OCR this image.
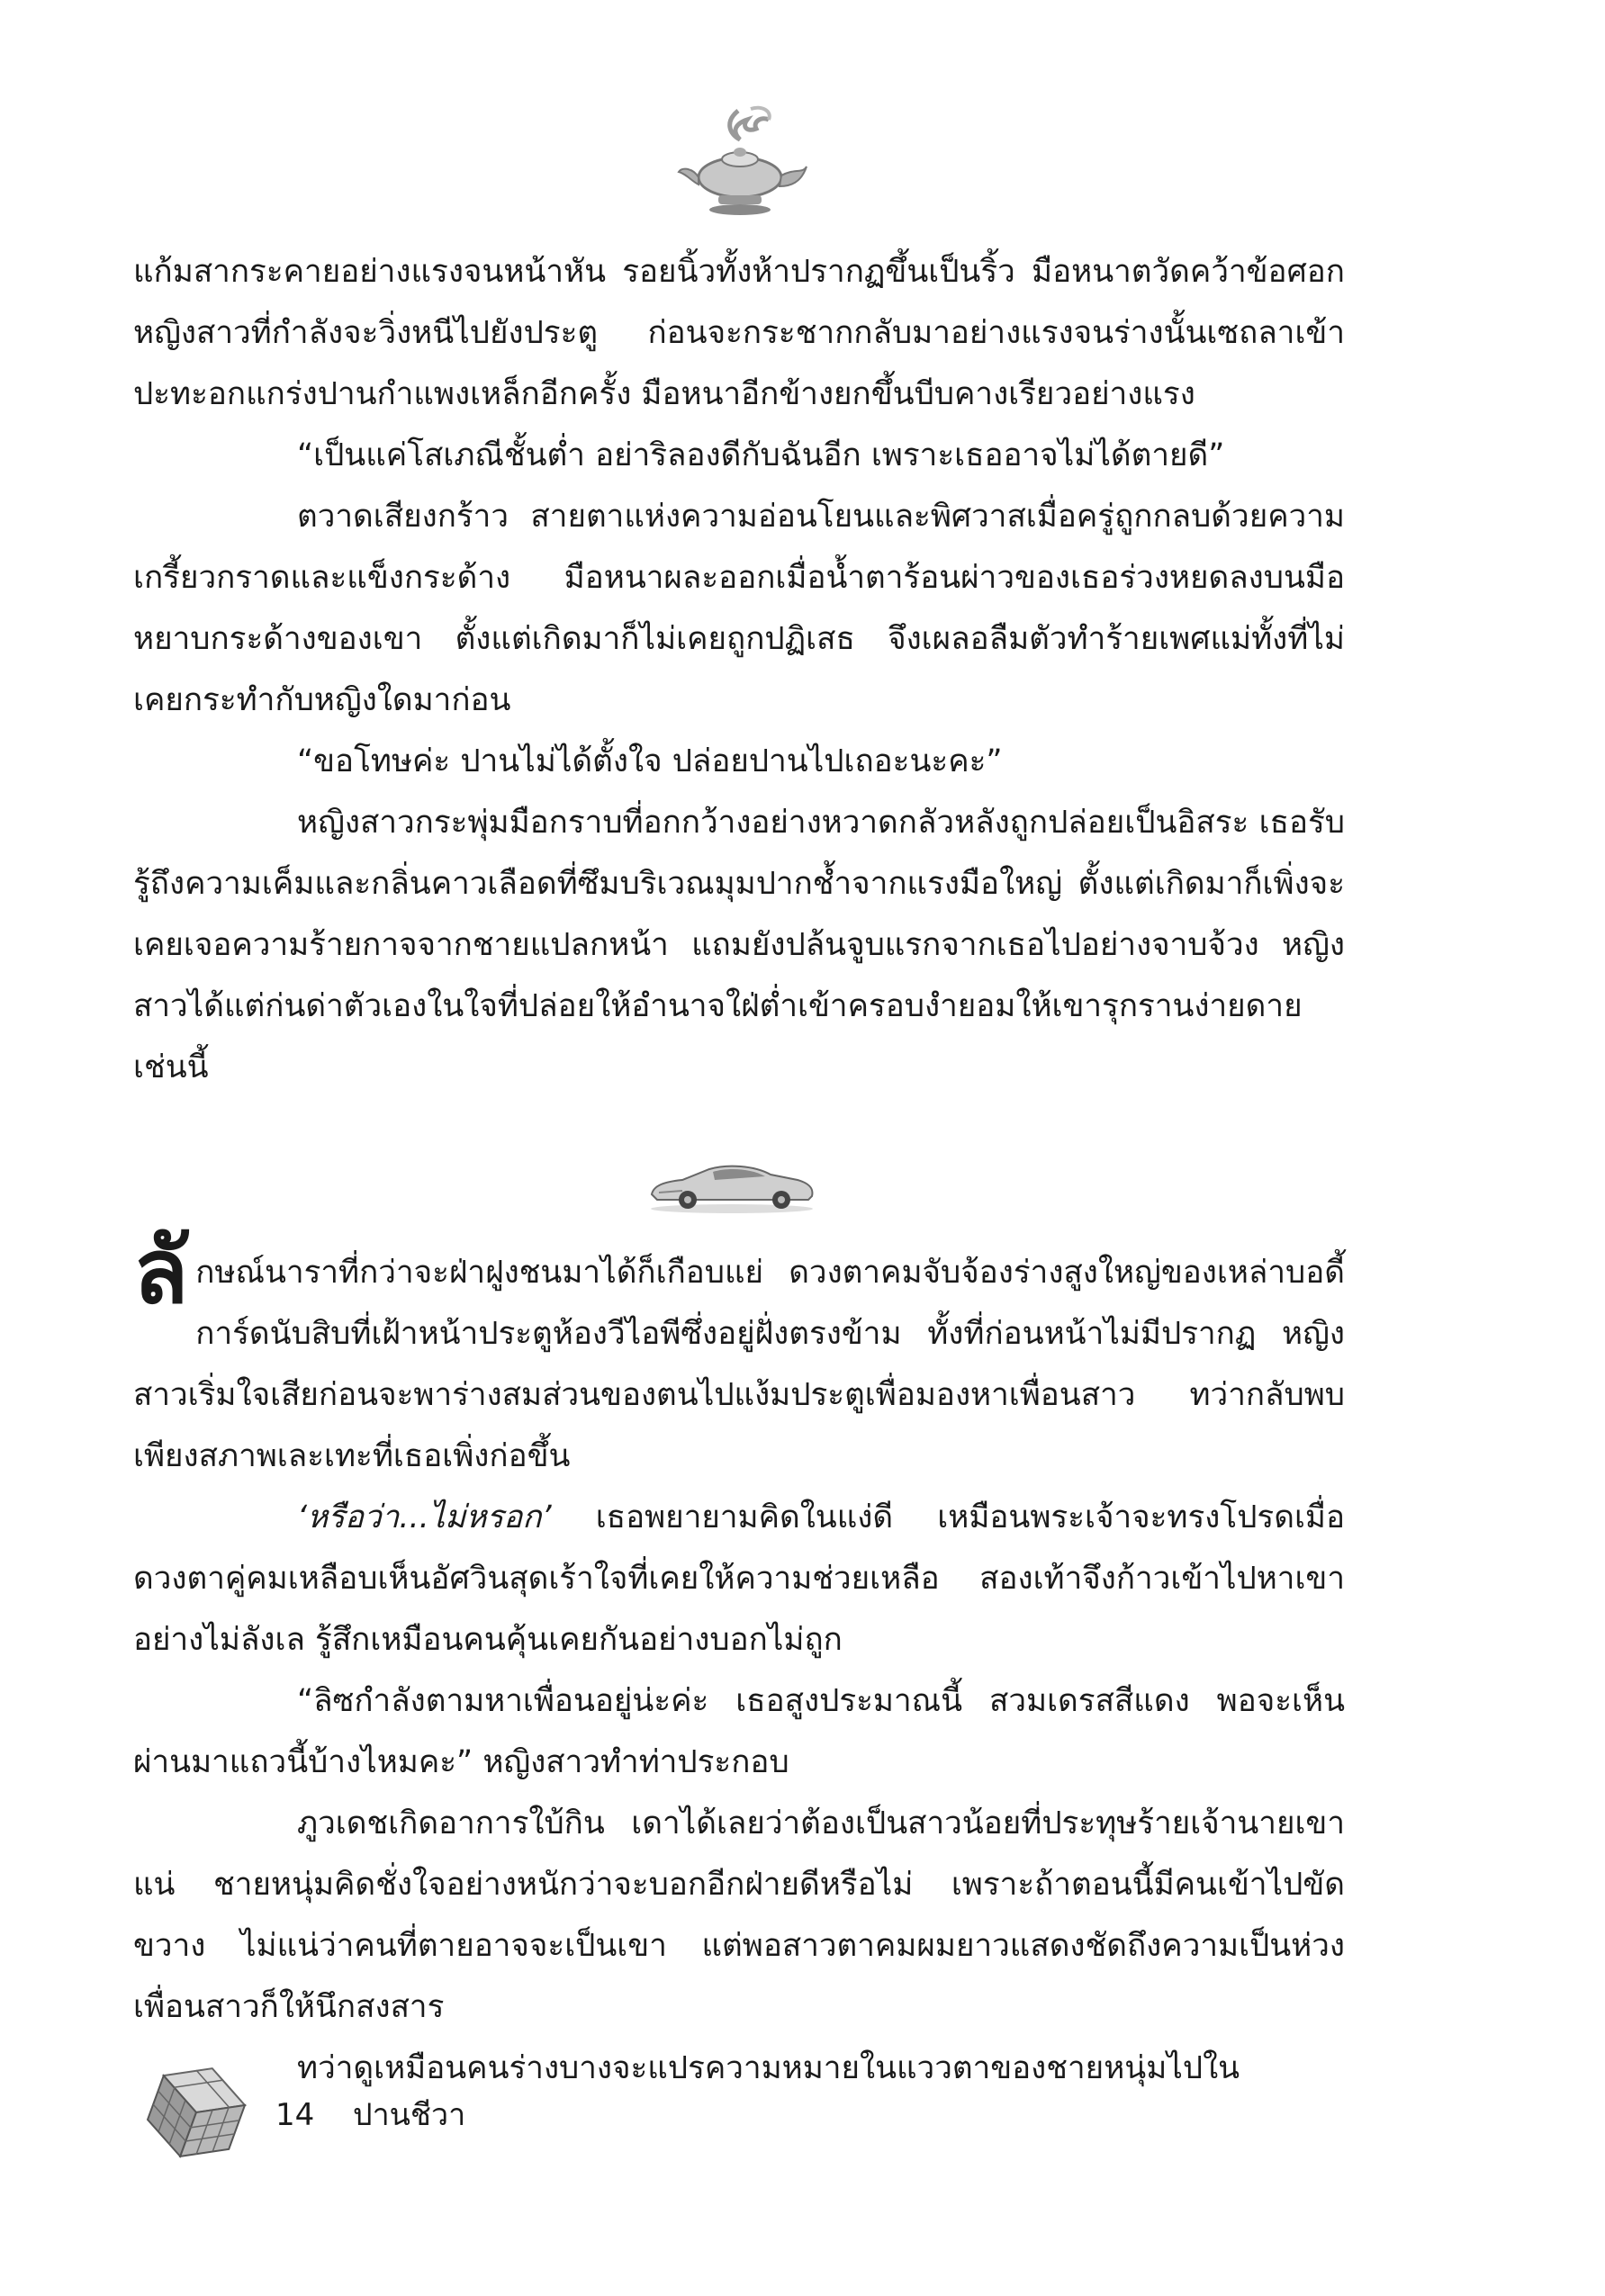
แก้มสากระคายอย่างแรงจนหน้าหัน รอยนิ้วทั้งห้าปรากฏขึ้นเป็นริ้ว มือหนาตวัดคว้าข้อศอกหญิงสาวที่กำลังจะวิ่งหนีไปยังประตู ก่อนจะกระชากกลับมาอย่างแรงจนร่างนั้นเซถลาเข้าปะทะอกแกร่งปานกำแพงเหล็กอีกครั้ง มือหนาอีกข้างยกขึ้นบีบคางเรียวอย่างแรง

“เป็นแค่โสเภณีชั้นต่ำ อย่าริลองดีกับฉันอีก เพราะเธออาจไม่ได้ตายดี”

ตวาดเสียงกร้าว สายตาแห่งความอ่อนโยนและพิศวาสเมื่อครู่ถูกกลบด้วยความเกรี้ยวกราดและแข็งกระด้าง มือหนาผละออกเมื่อน้ำตาร้อนผ่าวของเธอร่วงหยดลงบนมือหยาบกระด้างของเขา ตั้งแต่เกิดมาก็ไม่เคยถูกปฏิเสธ จึงเผลอลืมตัวทำร้ายเพศแม่ทั้งที่ไม่เคยกระทำกับหญิงใดมาก่อน

“ขอโทษค่ะ ปานไม่ได้ตั้งใจ ปล่อยปานไปเถอะนะคะ”

หญิงสาวกระพุ่มมือกราบที่อกกว้างอย่างหวาดกลัวหลังถูกปล่อยเป็นอิสระ เธอรับรู้ถึงความเค็มและกลิ่นคาวเลือดที่ซึมบริเวณมุมปากช้ำจากแรงมือใหญ่ ตั้งแต่เกิดมาก็เพิ่งจะเคยเจอความร้ายกาจจากชายแปลกหน้า แถมยังปล้นจูบแรกจากเธอไปอย่างจาบจ้วง หญิงสาวได้แต่ก่นด่าตัวเองในใจที่ปล่อยให้อำนาจใฝ่ต่ำเข้าครอบงำยอมให้เขารุกรานง่ายดายเช่นนี้

ลักษณ์นาราที่กว่าจะฝ่าฝูงชนมาได้ก็เกือบแย่ ดวงตาคมจับจ้องร่างสูงใหญ่ของเหล่าบอดี้การ์ดนับสิบที่เฝ้าหน้าประตูห้องวีไอพีซึ่งอยู่ฝั่งตรงข้าม ทั้งที่ก่อนหน้าไม่มีปรากฏ หญิงสาวเริ่มใจเสียก่อนจะพาร่างสมส่วนของตนไปแง้มประตูเพื่อมองหาเพื่อนสาว ทว่ากลับพบเพียงสภาพเละเทะที่เธอเพิ่งก่อขึ้น

‘หรือว่า...ไม่หรอก’ เธอพยายามคิดในแง่ดี เหมือนพระเจ้าจะทรงโปรดเมื่อดวงตาคู่คมเหลือบเห็นอัศวินสุดเร้าใจที่เคยให้ความช่วยเหลือ สองเท้าจึงก้าวเข้าไปหาเขาอย่างไม่ลังเล รู้สึกเหมือนคนคุ้นเคยกันอย่างบอกไม่ถูก

“ลิซกำลังตามหาเพื่อนอยู่น่ะค่ะ เธอสูงประมาณนี้ สวมเดรสสีแดง พอจะเห็นผ่านมาแถวนี้บ้างไหมคะ” หญิงสาวทำท่าประกอบ

ภูวเดชเกิดอาการใบ้กิน เดาได้เลยว่าต้องเป็นสาวน้อยที่ประทุษร้ายเจ้านายเขาแน่ ชายหนุ่มคิดชั่งใจอย่างหนักว่าจะบอกอีกฝ่ายดีหรือไม่ เพราะถ้าตอนนี้มีคนเข้าไปขัดขวาง ไม่แน่ว่าคนที่ตายอาจจะเป็นเขา แต่พอสาวตาคมผมยาวแสดงชัดถึงความเป็นห่วงเพื่อนสาวก็ให้นึกสงสาร

ทว่าดูเหมือนคนร่างบางจะแปรความหมายในแววตาของชายหนุ่มไปใน

14 ปานชีวา
